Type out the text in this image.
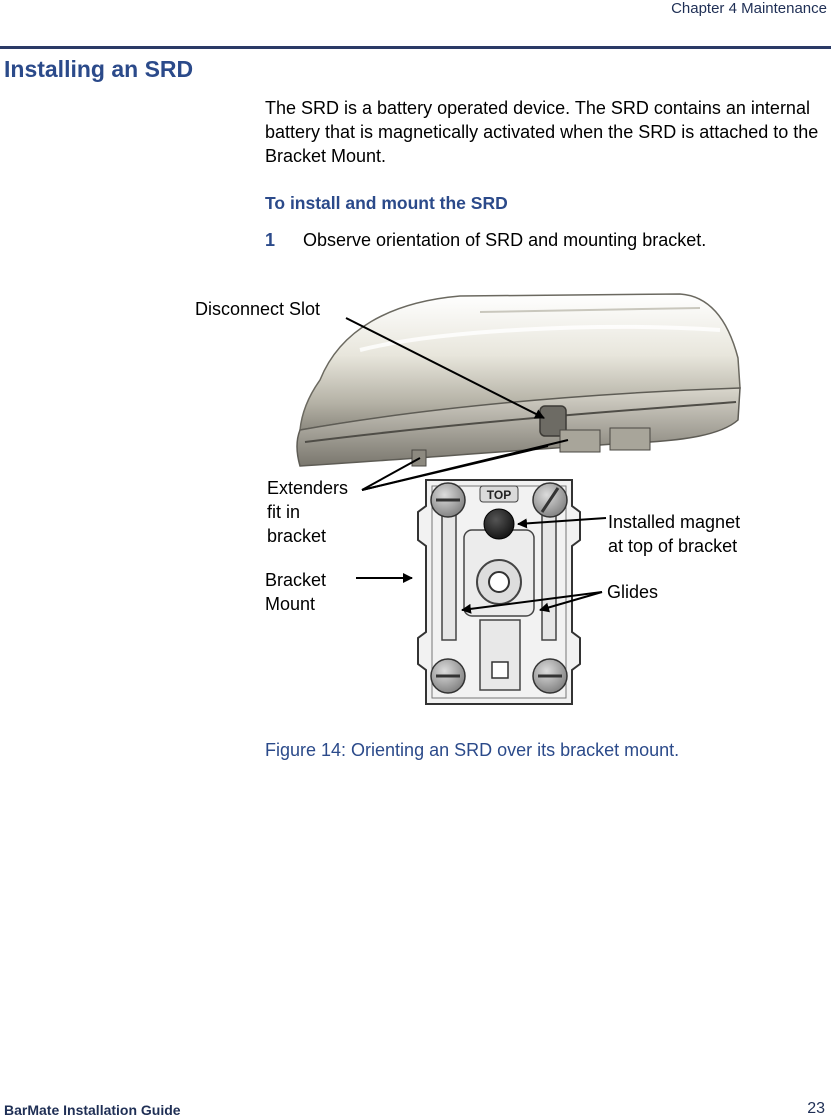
Chapter 4 Maintenance
Installing an SRD

The SRD is a battery operated device. The SRD contains an internal battery that is magnetically activated when the SRD is attached to the Bracket Mount.

To install and mount the SRD
1 Observe orientation of SRD and mounting bracket.
TOP
Disconnect Slot
Extenders
fit in
bracket
Installed magnet
at top of bracket
Bracket
Mount
Glides
Figure 14: Orienting an SRD over its bracket mount.
BarMate Installation Guide	23
